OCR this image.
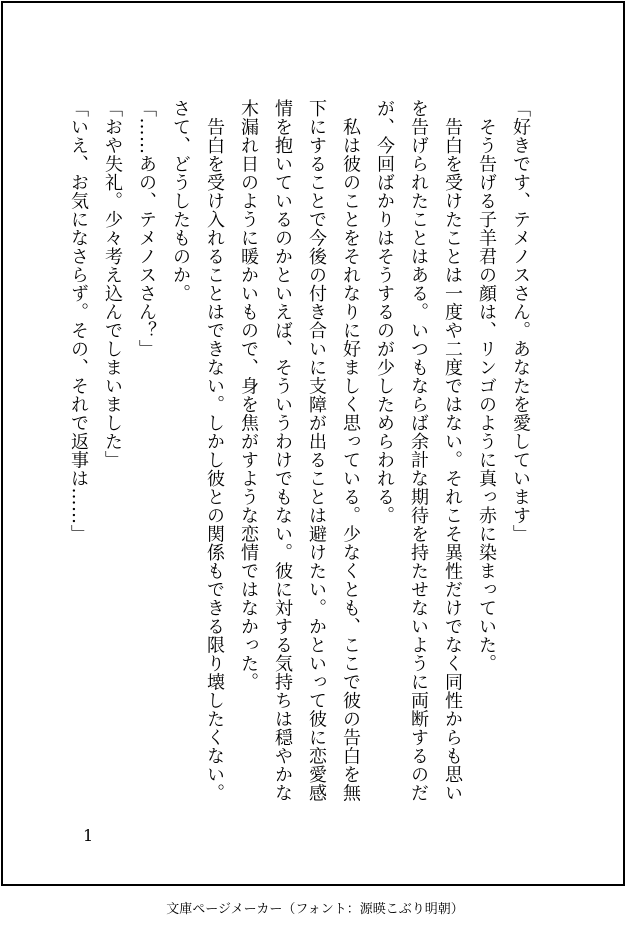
「好きです、テメノスさん。あなたを愛しています」

　そう告げる子羊君の顔は、リンゴのように真っ赤に染まっていた。

　告白を受けたことは一度や二度ではない。それこそ異性だけでなく同性からも思いを告げられたことはある。いつもならば余計な期待を持たせないように両断するのだが、今回ばかりはそうするのが少しためらわれる。

　私は彼のことをそれなりに好ましく思っている。少なくとも、ここで彼の告白を無下にすることで今後の付き合いに支障が出ることは避けたい。かといって彼に恋愛感情を抱いているのかといえば、そういうわけでもない。彼に対する気持ちは穏やかな木漏れ日のように暖かいもので、身を焦がすような恋情ではなかった。

　告白を受け入れることはできない。しかし彼との関係もできる限り壊したくない。さて、どうしたものか。

「……あの、テメノスさん？」

「おや失礼。少々考え込んでしまいました」

「いえ、お気になさらず。その、それで返事は……」

1
文庫ページメーカー（フォント：源暎こぶり明朝）
